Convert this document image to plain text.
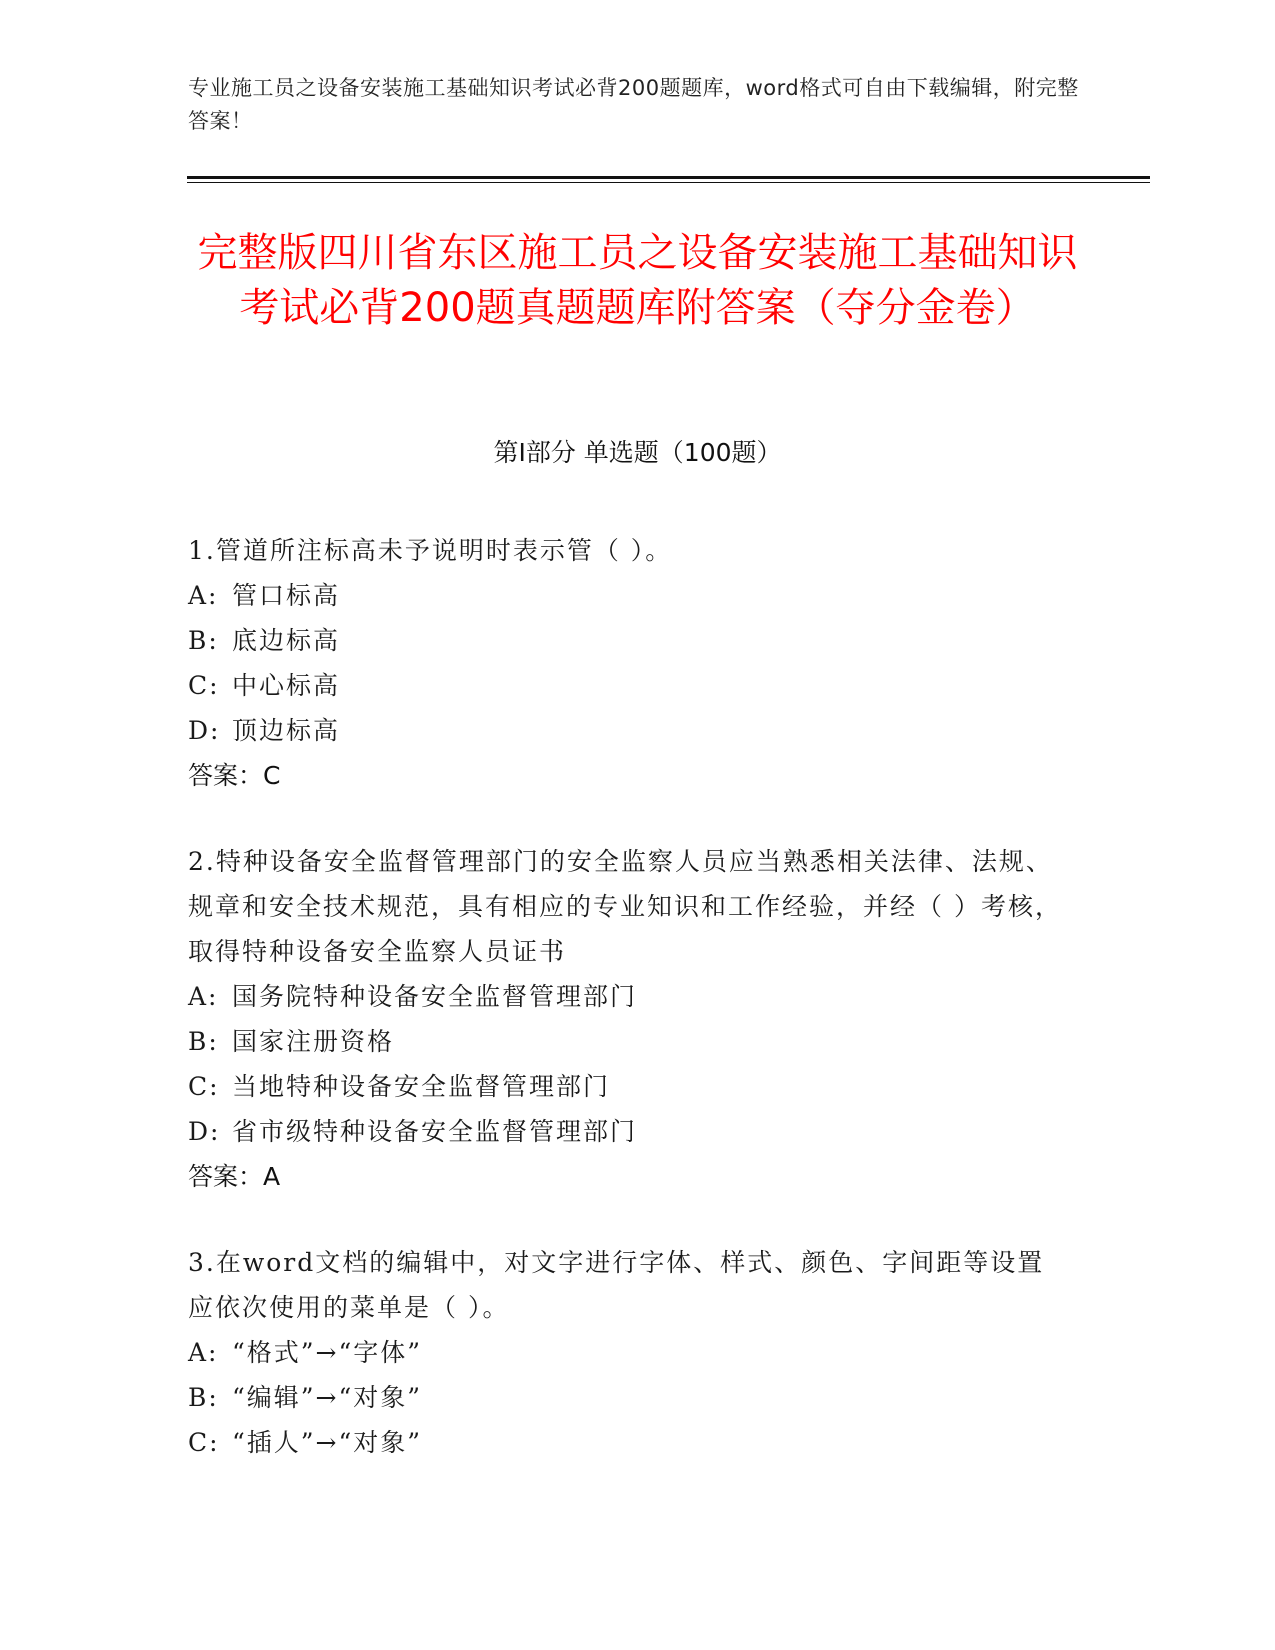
专业施工员之设备安装施工基础知识考试必背200题题库，word格式可自由下载编辑，附完整答案！
完整版四川省东区施工员之设备安装施工基础知识考试必背200题真题题库附答案（夺分金卷）
第I部分 单选题（100题）

1.管道所注标高未予说明时表示管（ ）。

A: 管口标高

B: 底边标高

C: 中心标高

D: 顶边标高

答案：C

2.特种设备安全监督管理部门的安全监察人员应当熟悉相关法律、法规、规章和安全技术规范，具有相应的专业知识和工作经验，并经（ ）考核，取得特种设备安全监察人员证书

A: 国务院特种设备安全监督管理部门

B: 国家注册资格

C: 当地特种设备安全监督管理部门

D: 省市级特种设备安全监督管理部门

答案：A

3.在word文档的编辑中，对文字进行字体、样式、颜色、字间距等设置应依次使用的菜单是（ ）。

A: “格式”→“字体”

B: “编辑”→“对象”

C: “插人”→“对象”
